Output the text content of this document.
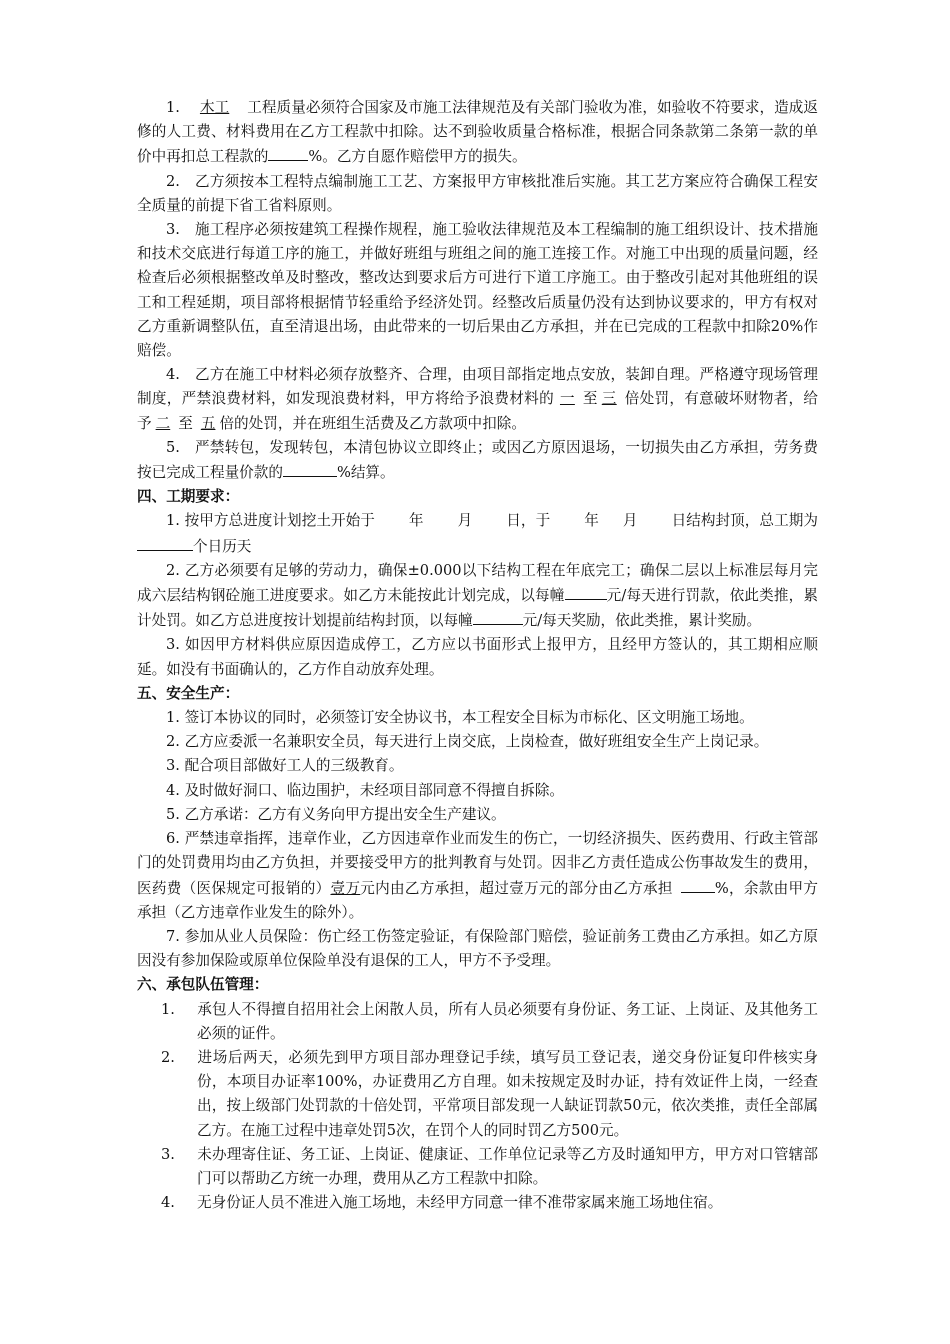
1. 木工 工程质量必须符合国家及市施工法律规范及有关部门验收为准，如验收不符要求，造成返修的人工费、材料费用在乙方工程款中扣除。达不到验收质量合格标准，根据合同条款第二条第一款的单价中再扣总工程款的	%。乙方自愿作赔偿甲方的损失。

2.　乙方须按本工程特点编制施工工艺、方案报甲方审核批准后实施。其工艺方案应符合确保工程安全质量的前提下省工省料原则。

3.　施工程序必须按建筑工程操作规程，施工验收法律规范及本工程编制的施工组织设计、技术措施和技术交底进行每道工序的施工，并做好班组与班组之间的施工连接工作。对施工中出现的质量问题，经检查后必须根据整改单及时整改，整改达到要求后方可进行下道工序施工。由于整改引起对其他班组的误工和工程延期，项目部将根据情节轻重给予经济处罚。经整改后质量仍没有达到协议要求的，甲方有权对乙方重新调整队伍，直至清退出场，由此带来的一切后果由乙方承担，并在已完成的工程款中扣除20%作赔偿。

4.　乙方在施工中材料必须存放整齐、合理，由项目部指定地点安放，装卸自理。严格遵守现场管理制度，严禁浪费材料，如发现浪费材料，甲方将给予浪费材料的 一 至 三 倍处罚，有意破坏财物者，给予 二 至 五 倍的处罚，并在班组生活费及乙方款项中扣除。

5.　严禁转包，发现转包，本清包协议立即终止；或因乙方原因退场，一切损失由乙方承担，劳务费按已完成工程量价款的	%结算。

四、工期要求：

1. 按甲方总进度计划挖土开始于 年 月 日，于 年 月 日结构封顶，总工期为个日历天

2. 乙方必须要有足够的劳动力，确保±0.000以下结构工程在年底完工；确保二层以上标准层每月完成六层结构钢砼施工进度要求。如乙方未能按此计划完成，以每幢	元/每天进行罚款，依此类推，累计处罚。如乙方总进度按计划提前结构封顶，以每幢	元/每天奖励，依此类推，累计奖励。

3. 如因甲方材料供应原因造成停工，乙方应以书面形式上报甲方，且经甲方签认的，其工期相应顺延。如没有书面确认的，乙方作自动放弃处理。

五、安全生产：

1. 签订本协议的同时，必须签订安全协议书，本工程安全目标为市标化、区文明施工场地。

2. 乙方应委派一名兼职安全员，每天进行上岗交底，上岗检查，做好班组安全生产上岗记录。

3. 配合项目部做好工人的三级教育。

4. 及时做好洞口、临边围护，未经项目部同意不得擅自拆除。

5. 乙方承诺：乙方有义务向甲方提出安全生产建议。

6. 严禁违章指挥，违章作业，乙方因违章作业而发生的伤亡，一切经济损失、医药费用、行政主管部门的处罚费用均由乙方负担，并要接受甲方的批判教育与处罚。因非乙方责任造成公伤事故发生的费用，医药费（医保规定可报销的）壹万元内由乙方承担，超过壹万元的部分由乙方承担	%，余款由甲方承担（乙方违章作业发生的除外）。

7. 参加从业人员保险：伤亡经工伤签定验证，有保险部门赔偿，验证前务工费由乙方承担。如乙方原因没有参加保险或原单位保险单没有退保的工人，甲方不予受理。

六、承包队伍管理：

1. 承包人不得擅自招用社会上闲散人员，所有人员必须要有身份证、务工证、上岗证、及其他务工必须的证件。

2. 进场后两天，必须先到甲方项目部办理登记手续，填写员工登记表，递交身份证复印件核实身份，本项目办证率100%，办证费用乙方自理。如未按规定及时办证，持有效证件上岗，一经查出，按上级部门处罚款的十倍处罚，平常项目部发现一人缺证罚款50元，依次类推，责任全部属乙方。在施工过程中违章处罚5次，在罚个人的同时罚乙方500元。

3. 未办理寄住证、务工证、上岗证、健康证、工作单位记录等乙方及时通知甲方，甲方对口管辖部门可以帮助乙方统一办理，费用从乙方工程款中扣除。

4. 无身份证人员不准进入施工场地，未经甲方同意一律不准带家属来施工场地住宿。
